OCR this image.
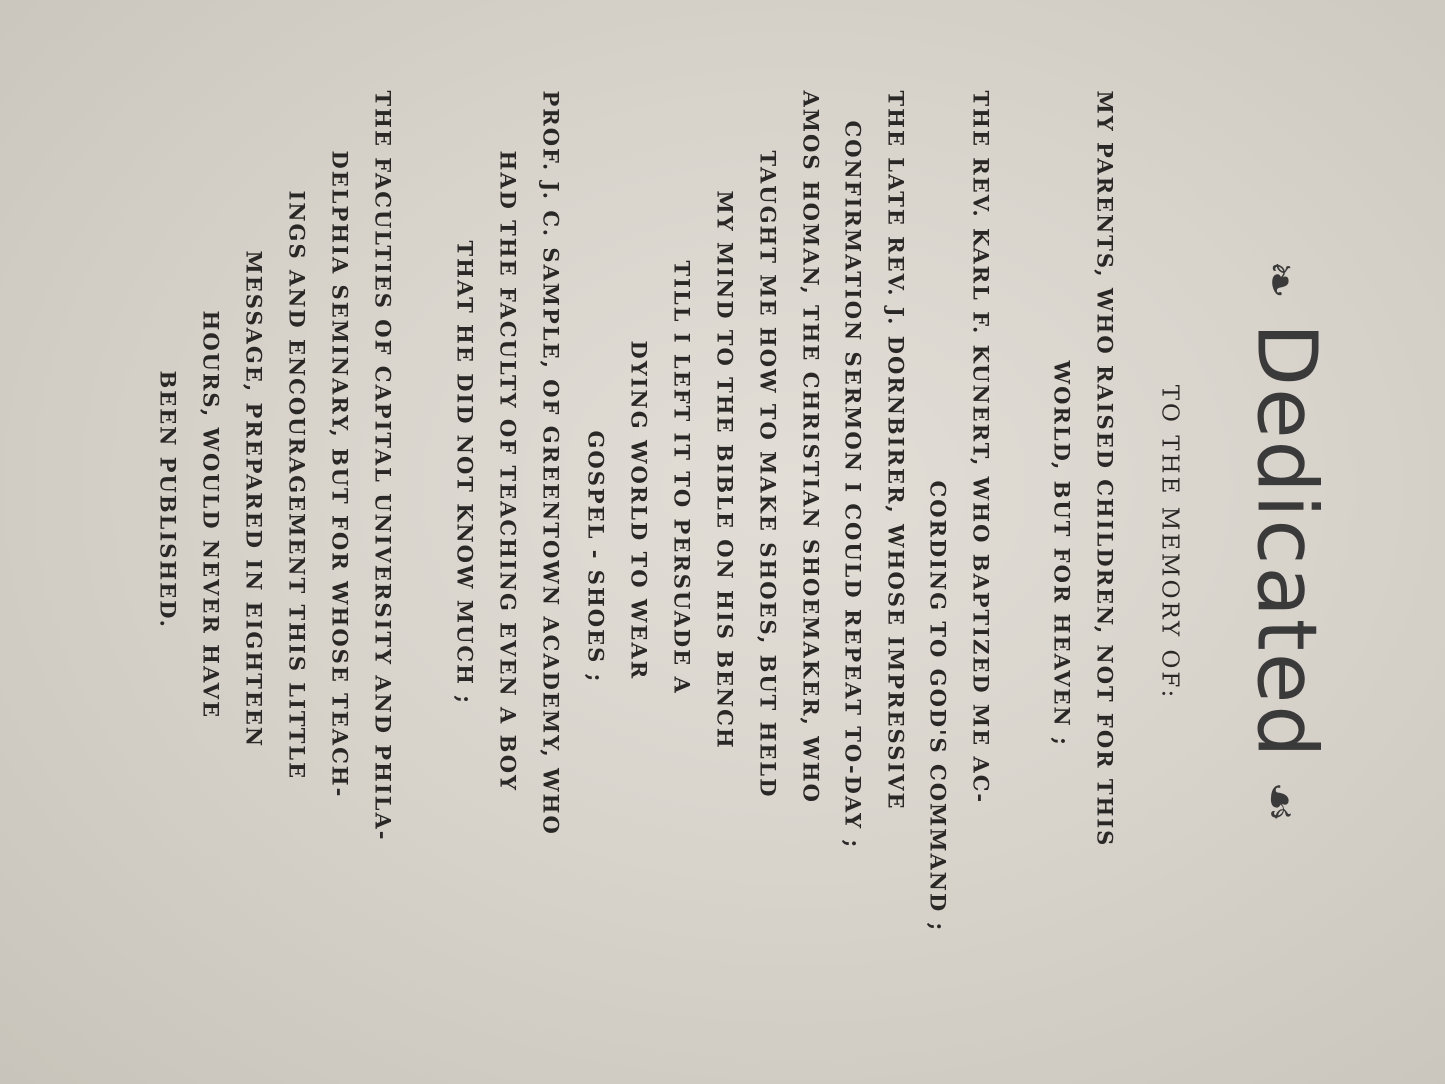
❧Dedicated☙
TO THE MEMORY OF:

MY PARENTS, WHO RAISED CHILDREN, NOT FOR THIS
WORLD, BUT FOR HEAVEN ;

THE REV. KARL F. KUNERT, WHO BAPTIZED ME AC-
CORDING TO GOD'S COMMAND ;

THE LATE REV. J. DORNBIRER, WHOSE IMPRESSIVE
CONFIRMATION SERMON I COULD REPEAT TO-DAY ;

AMOS HOMAN, THE CHRISTIAN SHOEMAKER, WHO
TAUGHT ME HOW TO MAKE SHOES, BUT HELD
MY MIND TO THE BIBLE ON HIS BENCH
TILL I LEFT IT TO PERSUADE A
DYING WORLD TO WEAR
GOSPEL - SHOES ;

PROF. J. C. SAMPLE, OF GREENTOWN ACADEMY, WHO
HAD THE FACULTY OF TEACHING EVEN A BOY
THAT HE DID NOT KNOW MUCH ;

THE FACULTIES OF CAPITAL UNIVERSITY AND PHILA-
DELPHIA SEMINARY, BUT FOR WHOSE TEACH-
INGS AND ENCOURAGEMENT THIS LITTLE
MESSAGE, PREPARED IN EIGHTEEN
HOURS, WOULD NEVER HAVE
BEEN PUBLISHED.
